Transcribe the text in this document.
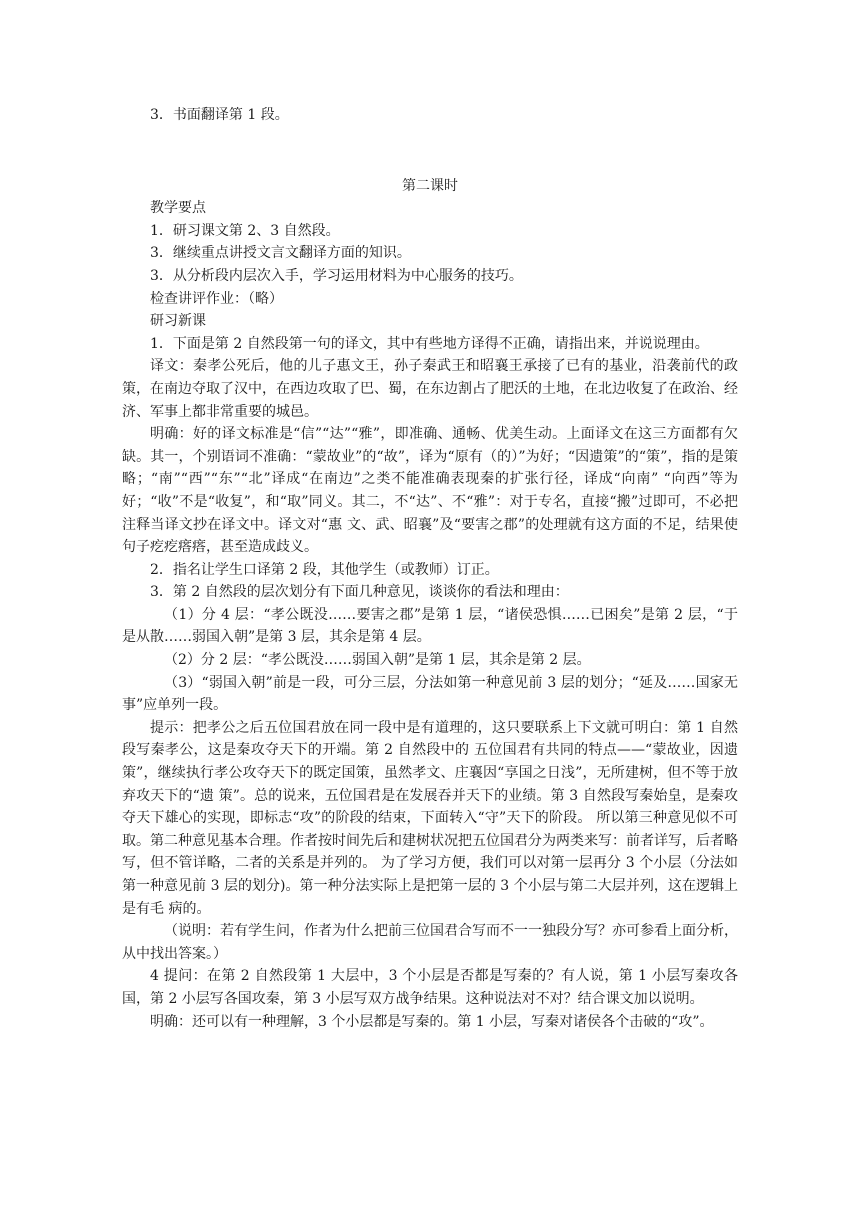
3．书面翻译第 1 段。

第二课时

教学要点

1．研习课文第 2、3 自然段。

3．继续重点讲授文言文翻译方面的知识。

3．从分析段内层次入手，学习运用材料为中心服务的技巧。

检查讲评作业：（略）

研习新课

1．下面是第 2 自然段第一句的译文，其中有些地方译得不正确，请指出来，并说说理由。

译文：秦孝公死后，他的儿子惠文王，孙子秦武王和昭襄王承接了已有的基业，沿袭前代的政策，在南边夺取了汉中，在西边攻取了巴、蜀，在东边割占了肥沃的土地，在北边收复了在政治、经济、军事上都非常重要的城邑。

明确：好的译文标准是“信”“达”“雅”，即准确、通畅、优美生动。上面译文在这三方面都有欠缺。其一，个别语词不准确：“蒙故业”的“故”，译为“原有（的）”为好；“因遗策”的“策”，指的是策略；“南”“西”“东”“北”译成“在南边”之类不能准确表现秦的扩张行径，译成“向南” “向西”等为好；“收”不是“收复”，和“取”同义。其二，不“达”、不“雅”：对于专名，直接“搬”过即可，不必把注释当译文抄在译文中。译文对“惠 文、武、昭襄”及“要害之郡”的处理就有这方面的不足，结果使句子疙疙瘩瘩，甚至造成歧义。

2．指名让学生口译第 2 段，其他学生（或教师）订正。

3．第 2 自然段的层次划分有下面几种意见，谈谈你的看法和理由：

（1）分 4 层：“孝公既没……要害之郡”是第 1 层，“诸侯恐惧……已困矣”是第 2 层，“于是从散……弱国入朝”是第 3 层，其余是第 4 层。

（2）分 2 层：“孝公既没……弱国入朝”是第 1 层，其余是第 2 层。

（3）“弱国入朝”前是一段，可分三层，分法如第一种意见前 3 层的划分；“延及……国家无事”应单列一段。

提示：把孝公之后五位国君放在同一段中是有道理的，这只要联系上下文就可明白：第 1 自然段写秦孝公，这是秦攻夺天下的开端。第 2 自然段中的 五位国君有共同的特点——“蒙故业，因遗策”，继续执行孝公攻夺天下的既定国策，虽然孝文、庄襄因“享国之日浅”，无所建树，但不等于放弃攻天下的“遗 策”。总的说来，五位国君是在发展吞并天下的业绩。第 3 自然段写秦始皇，是秦攻夺天下雄心的实现，即标志“攻”的阶段的结束，下面转入“守”天下的阶段。 所以第三种意见似不可取。第二种意见基本合理。作者按时间先后和建树状况把五位国君分为两类来写：前者详写，后者略写，但不管详略，二者的关系是并列的。 为了学习方便，我们可以对第一层再分 3 个小层（分法如第一种意见前 3 层的划分)。第一种分法实际上是把第一层的 3 个小层与第二大层并列，这在逻辑上是有毛 病的。

（说明：若有学生问，作者为什么把前三位国君合写而不一一独段分写？亦可参看上面分析，从中找出答案。）

4 提问：在第 2 自然段第 1 大层中，3 个小层是否都是写秦的？有人说，第 1 小层写秦攻各国，第 2 小层写各国攻秦，第 3 小层写双方战争结果。这种说法对不对？结合课文加以说明。

明确：还可以有一种理解，3 个小层都是写秦的。第 1 小层，写秦对诸侯各个击破的“攻”。
